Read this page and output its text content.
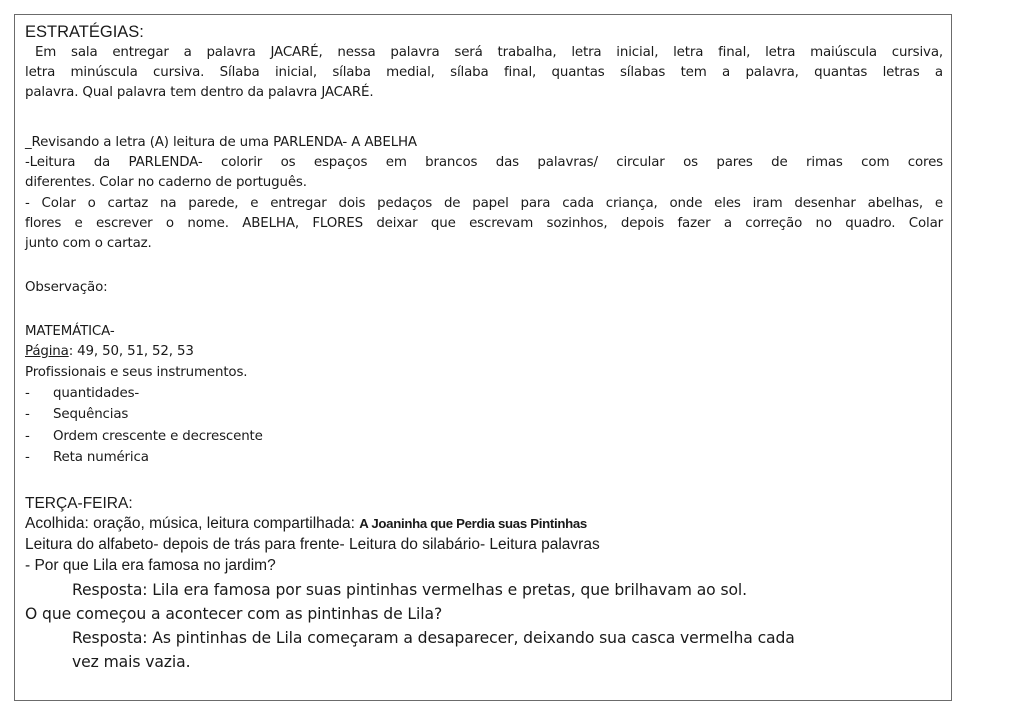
ESTRATÉGIAS:
Em sala entregar a palavra JACARÉ, nessa palavra será trabalha, letra inicial, letra final, letra maiúscula cursiva,
letra minúscula cursiva. Sílaba inicial, sílaba medial, sílaba final, quantas sílabas tem a palavra, quantas letras a
palavra. Qual palavra tem dentro da palavra JACARÉ.
_Revisando a letra (A) leitura de uma PARLENDA- A ABELHA
-Leitura da PARLENDA- colorir os espaços em brancos das palavras/ circular os pares de rimas com cores
diferentes. Colar no caderno de português.
- Colar o cartaz na parede, e entregar dois pedaços de papel para cada criança, onde eles iram desenhar abelhas, e
flores e escrever o nome. ABELHA, FLORES deixar que escrevam sozinhos, depois fazer a correção no quadro. Colar
junto com o cartaz.
Observação:
MATEMÁTICA-
Página: 49, 50, 51, 52, 53
Profissionais e seus instrumentos.
- quantidades-
- Sequências
- Ordem crescente e decrescente
- Reta numérica
TERÇA-FEIRA:
Acolhida: oração, música, leitura compartilhada: A Joaninha que Perdia suas Pintinhas
Leitura do alfabeto- depois de trás para frente- Leitura do silabário- Leitura palavras
- Por que Lila era famosa no jardim?
Resposta: Lila era famosa por suas pintinhas vermelhas e pretas, que brilhavam ao sol.
O que começou a acontecer com as pintinhas de Lila?
Resposta: As pintinhas de Lila começaram a desaparecer, deixando sua casca vermelha cada
vez mais vazia.
